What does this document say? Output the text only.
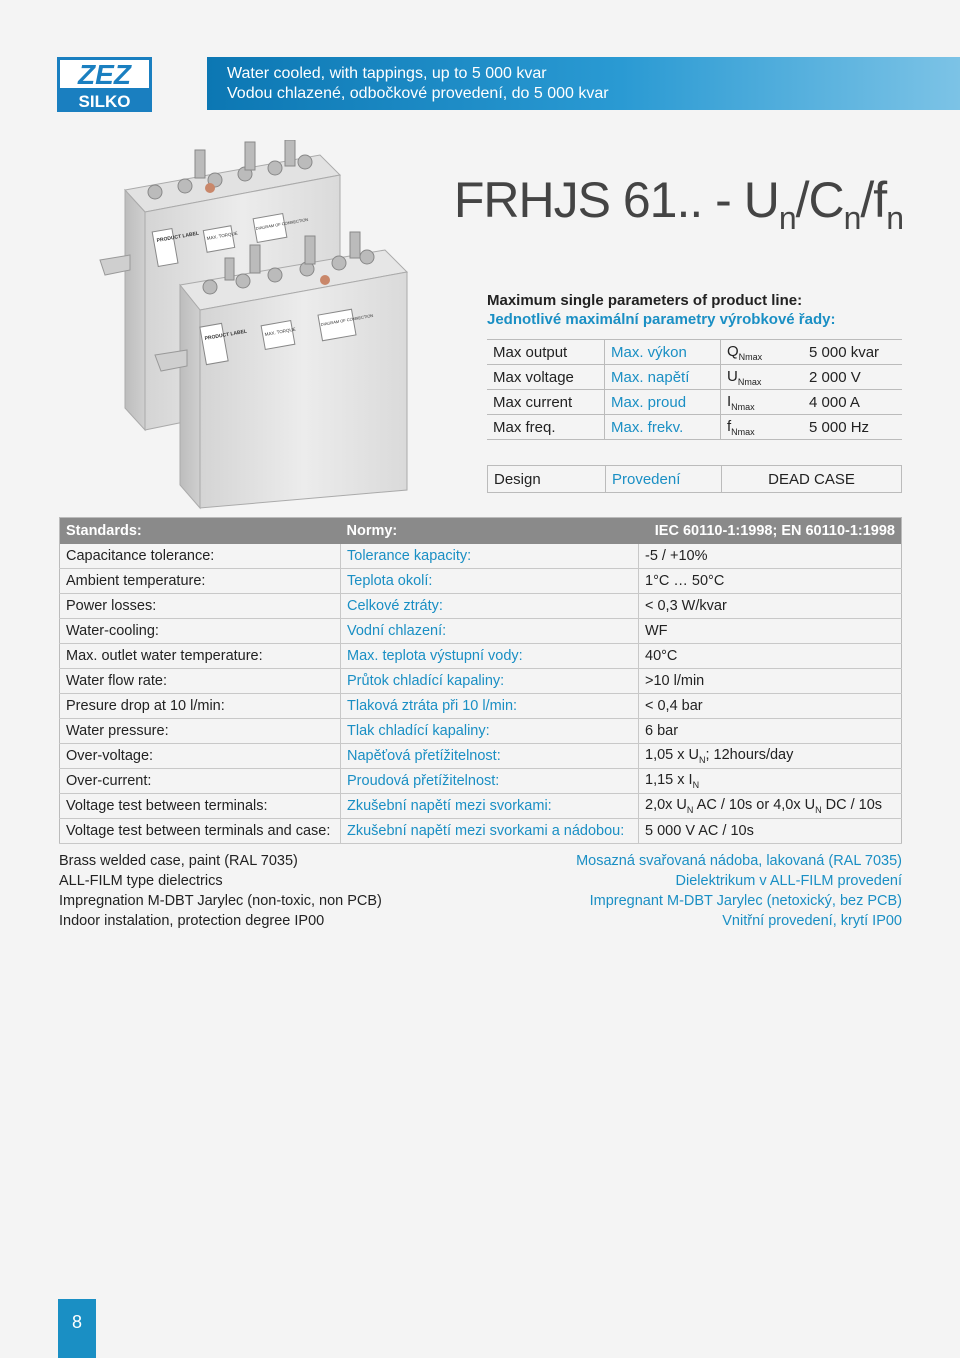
ZEZ
SILKO
Water cooled, with tappings, up to 5 000 kvar
Vodou chlazené, odbočkové provedení, do 5 000 kvar
PRODUCT LABEL MAX. TORQUE
DIAGRAM OF CONNECTION
PRODUCT LABEL	MAX. TORQUE
DIAGRAM OF CONNECTION
FRHJS 61.. - $U_n/C_n/f_n$
Maximum single parameters of product line:
Jednotlivé maximální parametry výrobkové řady:
Max output	Max. výkon	$Q_{Nmax}$	5 000 kvar
Max voltage	Max. napětí	$U_{Nmax}$	2 000 V
Max current	Max. proud	$I_{Nmax}$	4 000 A
Max freq.	Max. frekv.	$f_{Nmax}$	5 000 Hz
Design	Provedení	DEAD CASE
Standards:	Normy:	IEC 60110-1:1998; EN 60110-1:1998
Capacitance tolerance:	Tolerance kapacity:	-5 / +10%
Ambient temperature:	Teplota okolí:	1°C … 50°C
Power losses:	Celkové ztráty:	< 0,3 W/kvar
Water-cooling:	Vodní chlazení:	WF
Max. outlet water temperature:	Max. teplota výstupní vody:	40°C
Water flow rate:	Průtok chladící kapaliny:	>10 l/min
Presure drop at 10 l/min:	Tlaková ztráta při 10 l/min:	< 0,4 bar
Water pressure:	Tlak chladící kapaliny:	6 bar
Over-voltage:	Napěťová přetížitelnost:	1,05 x $U_N$; 12hours/day
Over-current:	Proudová přetížitelnost:	1,15 x $I_N$
Voltage test between terminals:	Zkušební napětí mezi svorkami:	2,0x $U_N$ AC / 10s or 4,0x $U_N$ DC / 10s
Voltage test between terminals and case:	Zkušební napětí mezi svorkami a nádobou:	5 000 V AC / 10s
Brass welded case, paint (RAL 7035)
ALL-FILM type dielectrics
Impregnation M-DBT Jarylec (non-toxic, non PCB)
Indoor instalation, protection degree IP00
Mosazná svařovaná nádoba, lakovaná (RAL 7035)
Dielektrikum v ALL-FILM provedení
Impregnant M-DBT Jarylec (netoxický, bez PCB)
Vnitřní provedení, krytí IP00
8
